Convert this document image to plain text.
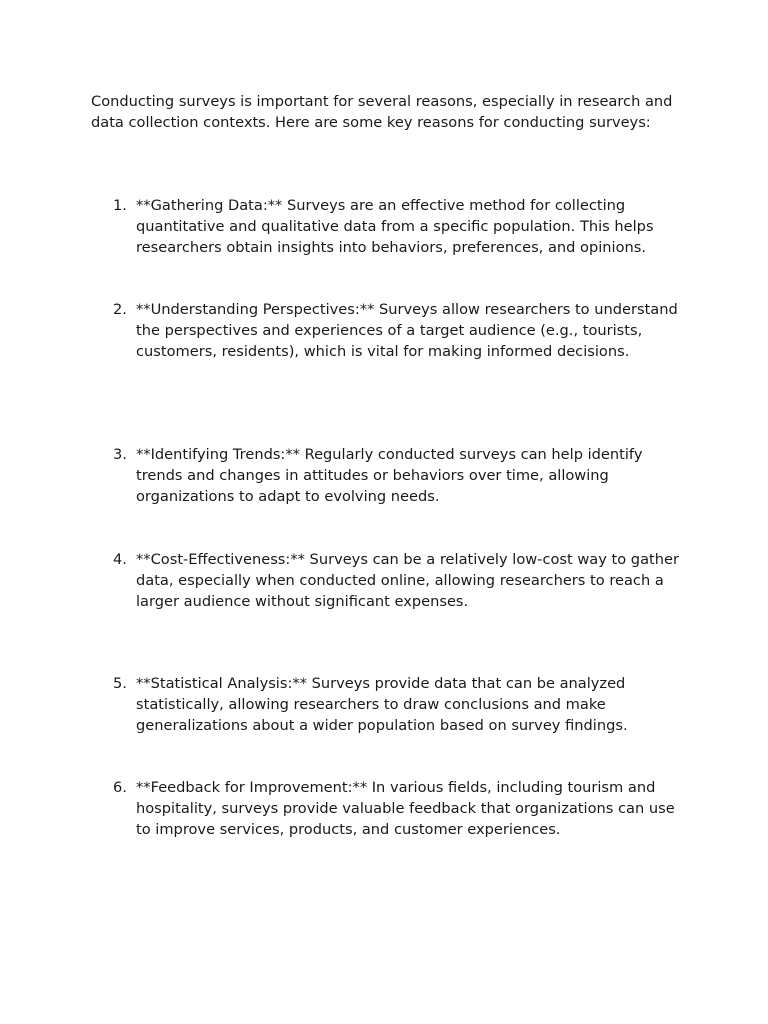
Conducting surveys is important for several reasons, especially in research and data collection contexts. Here are some key reasons for conducting surveys:

1. **Gathering Data:** Surveys are an effective method for collecting quantitative and qualitative data from a specific population. This helps researchers obtain insights into behaviors, preferences, and opinions.
2. **Understanding Perspectives:** Surveys allow researchers to understand the perspectives and experiences of a target audience (e.g., tourists, customers, residents), which is vital for making informed decisions.
3. **Identifying Trends:** Regularly conducted surveys can help identify trends and changes in attitudes or behaviors over time, allowing organizations to adapt to evolving needs.
4. **Cost-Effectiveness:** Surveys can be a relatively low-cost way to gather data, especially when conducted online, allowing researchers to reach a larger audience without significant expenses.
5. **Statistical Analysis:** Surveys provide data that can be analyzed statistically, allowing researchers to draw conclusions and make generalizations about a wider population based on survey findings.
6. **Feedback for Improvement:** In various fields, including tourism and hospitality, surveys provide valuable feedback that organizations can use to improve services, products, and customer experiences.
